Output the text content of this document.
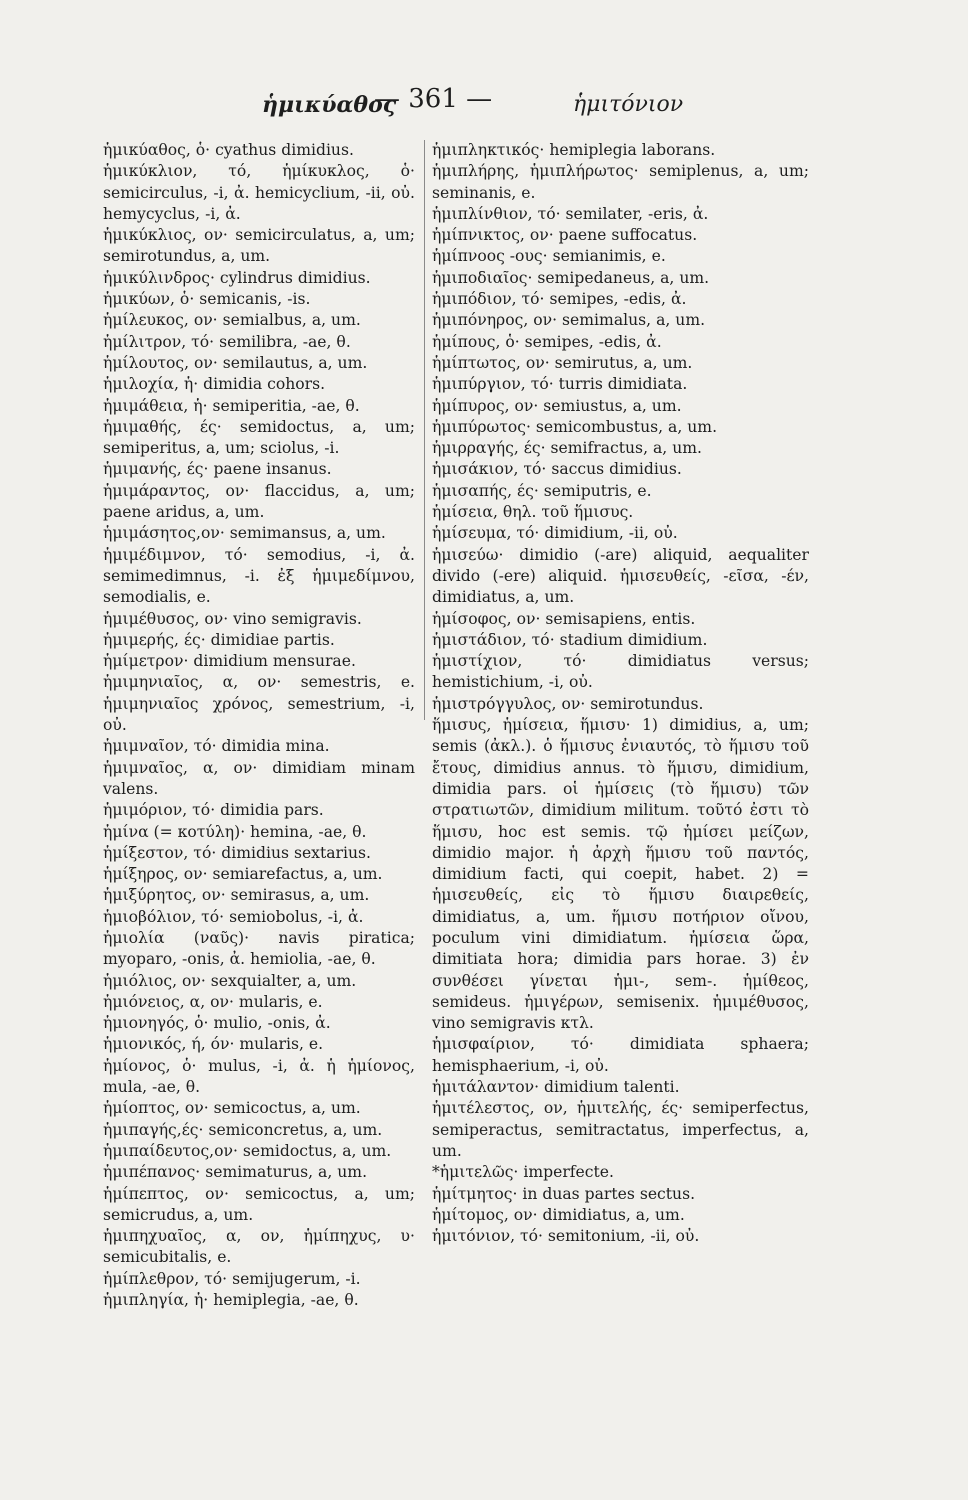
ἡμικύαθος
— 361 —	ἡμιτόνιον

ἡμικύαθος, ὁ· cyathus dimidius.

ἡμικύκλιον, τό, ἡμίκυκλος, ὁ· semicirculus, -i, ἀ. hemicyclium, -ii, οὐ. hemycyclus, -i, ἀ.

ἡμικύκλιος, ον· semicirculatus, a, um; semirotundus, a, um.

ἡμικύλινδρος· cylindrus dimidius.

ἡμικύων, ὁ· semicanis, -is.

ἡμίλευκος, ον· semialbus, a, um.

ἡμίλιτρον, τό· semilibra, -ae, θ.

ἡμίλουτος, ον· semilautus, a, um.

ἡμιλοχία, ἡ· dimidia cohors.

ἡμιμάθεια, ἡ· semiperitia, -ae, θ.

ἡμιμαθής, ές· semidoctus, a, um; semiperitus, a, um; sciolus, -i.

ἡμιμανής, ές· paene insanus.

ἡμιμάραντος, ον· flaccidus, a, um; paene aridus, a, um.

ἡμιμάσητος,ον· semimansus, a, um.

ἡμιμέδιμνον, τό· semodius, -i, ἀ. semimedimnus, -i. ἐξ ἡμιμεδίμνου, semodialis, e.

ἡμιμέθυσος, ον· vino semigravis.

ἡμιμερής, ές· dimidiae partis.

ἡμίμετρον· dimidium mensurae.

ἡμιμηνιαῖος, α, ον· semestris, e. ἡμιμηνιαῖος χρόνος, semestrium, -i, οὐ.

ἡμιμναῖον, τό· dimidia mina.

ἡμιμναῖος, α, ον· dimidiam minam valens.

ἡμιμόριον, τό· dimidia pars.

ἡμίνα (= κοτύλη)· hemina, -ae, θ.

ἡμίξεστον, τό· dimidius sextarius.

ἡμίξηρος, ον· semiarefactus, a, um.

ἡμιξύρητος, ον· semirasus, a, um.

ἡμιοβόλιον, τό· semiobolus, -i, ἀ.

ἡμιολία (ναῦς)· navis piratica; myoparo, -onis, ἀ. hemiolia, -ae, θ.

ἡμιόλιος, ον· sexquialter, a, um.

ἡμιόνειος, α, ον· mularis, e.

ἡμιονηγός, ὁ· mulio, -onis, ἀ.

ἡμιονικός, ή, όν· mularis, e.

ἡμίονος, ὁ· mulus, -i, ἀ. ἡ ἡμίονος, mula, -ae, θ.

ἡμίοπτος, ον· semicoctus, a, um.

ἡμιπαγής,ές· semiconcretus, a, um.

ἡμιπαίδευτος,ον· semidoctus, a, um.

ἡμιπέπανος· semimaturus, a, um.

ἡμίπεπτος, ον· semicoctus, a, um; semicrudus, a, um.

ἡμιπηχυαῖος, α, ον, ἡμίπηχυς, υ· semicubitalis, e.

ἡμίπλεθρον, τό· semijugerum, -i.

ἡμιπληγία, ἡ· hemiplegia, -ae, θ.

ἡμιπληκτικός· hemiplegia laborans.

ἡμιπλήρης, ἡμιπλήρωτος· semiplenus, a, um; seminanis, e.

ἡμιπλίνθιον, τό· semilater, -eris, ἀ.

ἡμίπνικτος, ον· paene suffocatus.

ἡμίπνοος -ους· semianimis, e.

ἡμιποδιαῖος· semipedaneus, a, um.

ἡμιπόδιον, τό· semipes, -edis, ἀ.

ἡμιπόνηρος, ον· semimalus, a, um.

ἡμίπους, ὁ· semipes, -edis, ἀ.

ἡμίπτωτος, ον· semirutus, a, um.

ἡμιπύργιον, τό· turris dimidiata.

ἡμίπυρος, ον· semiustus, a, um.

ἡμιπύρωτος· semicombustus, a, um.

ἡμιρραγής, ές· semifractus, a, um.

ἡμισάκιον, τό· saccus dimidius.

ἡμισαπής, ές· semiputris, e.

ἡμίσεια, θηλ. τοῦ ἥμισυς.

ἡμίσευμα, τό· dimidium, -ii, οὐ.

ἡμισεύω· dimidio (-are) aliquid, aequaliter divido (-ere) aliquid. ἡμισευθείς, -εῖσα, -έν, dimidiatus, a, um.

ἡμίσοφος, ον· semisapiens, entis.

ἡμιστάδιον, τό· stadium dimidium.

ἡμιστίχιον, τό· dimidiatus versus; hemistichium, -i, οὐ.

ἡμιστρόγγυλος, ον· semirotundus.

ἥμισυς, ἡμίσεια, ἥμισυ· 1) dimidius, a, um; semis (ἀκλ.). ὁ ἥμισυς ἐνιαυτός, τὸ ἥμισυ τοῦ ἔτους, dimidius annus. τὸ ἥμισυ, dimidium, dimidia pars. οἱ ἡμίσεις (τὸ ἥμισυ) τῶν στρατιωτῶν, dimidium militum. τοῦτό ἐστι τὸ ἥμισυ, hoc est semis. τῷ ἡμίσει μείζων, dimidio major. ἡ ἀρχὴ ἥμισυ τοῦ παντός, dimidium facti, qui coepit, habet. 2) = ἡμισευθείς, εἰς τὸ ἥμισυ διαιρεθείς, dimidiatus, a, um. ἥμισυ ποτήριον οἴνου, poculum vini dimidiatum. ἡμίσεια ὥρα, dimitiata hora; dimidia pars horae. 3) ἐν συνθέσει γίνεται ἡμι-, sem-. ἡμίθεος, semideus. ἡμιγέρων, semisenix. ἡμιμέθυσος, vino semigravis κτλ.

ἡμισφαίριον, τό· dimidiata sphaera; hemisphaerium, -i, οὐ.

ἡμιτάλαντον· dimidium talenti.

ἡμιτέλεστος, ον, ἡμιτελής, ές· semiperfectus, semiperactus, semitractatus, imperfectus, a, um.

*ἡμιτελῶς· imperfecte.

ἡμίτμητος· in duas partes sectus.

ἡμίτομος, ον· dimidiatus, a, um.

ἡμιτόνιον, τό· semitonium, -ii, οὐ.
